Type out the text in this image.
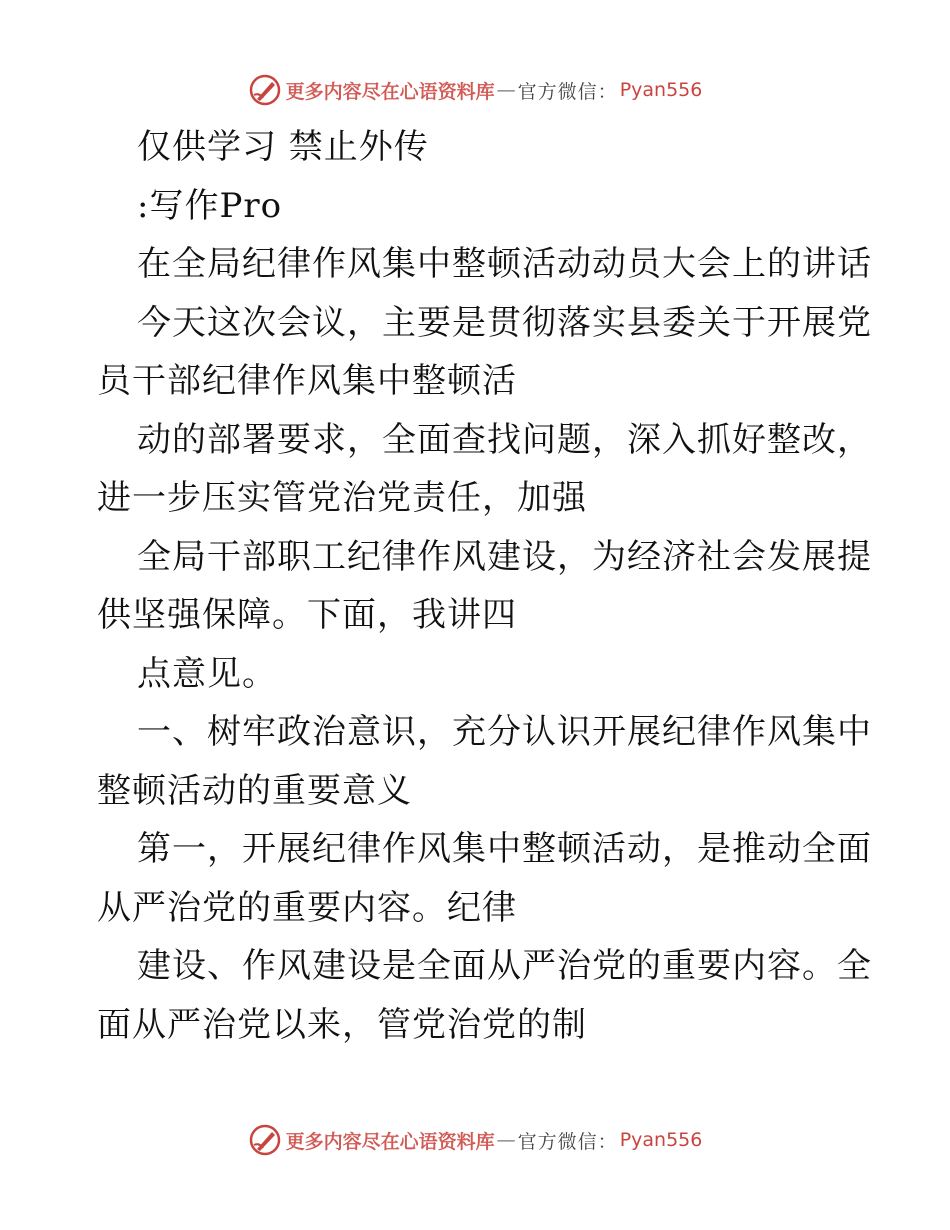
更多内容尽在心语资料库 — 官方微信： Pyan556
仅供学习 禁止外传
:写作Pro
在全局纪律作风集中整顿活动动员大会上的讲话
今天这次会议，主要是贯彻落实县委关于开展党
员干部纪律作风集中整顿活
动的部署要求，全面查找问题，深入抓好整改，
进一步压实管党治党责任，加强
全局干部职工纪律作风建设，为经济社会发展提
供坚强保障。下面，我讲四
点意见。
一、树牢政治意识，充分认识开展纪律作风集中
整顿活动的重要意义
第一，开展纪律作风集中整顿活动，是推动全面
从严治党的重要内容。纪律
建设、作风建设是全面从严治党的重要内容。全
面从严治党以来，管党治党的制
更多内容尽在心语资料库 — 官方微信： Pyan556
